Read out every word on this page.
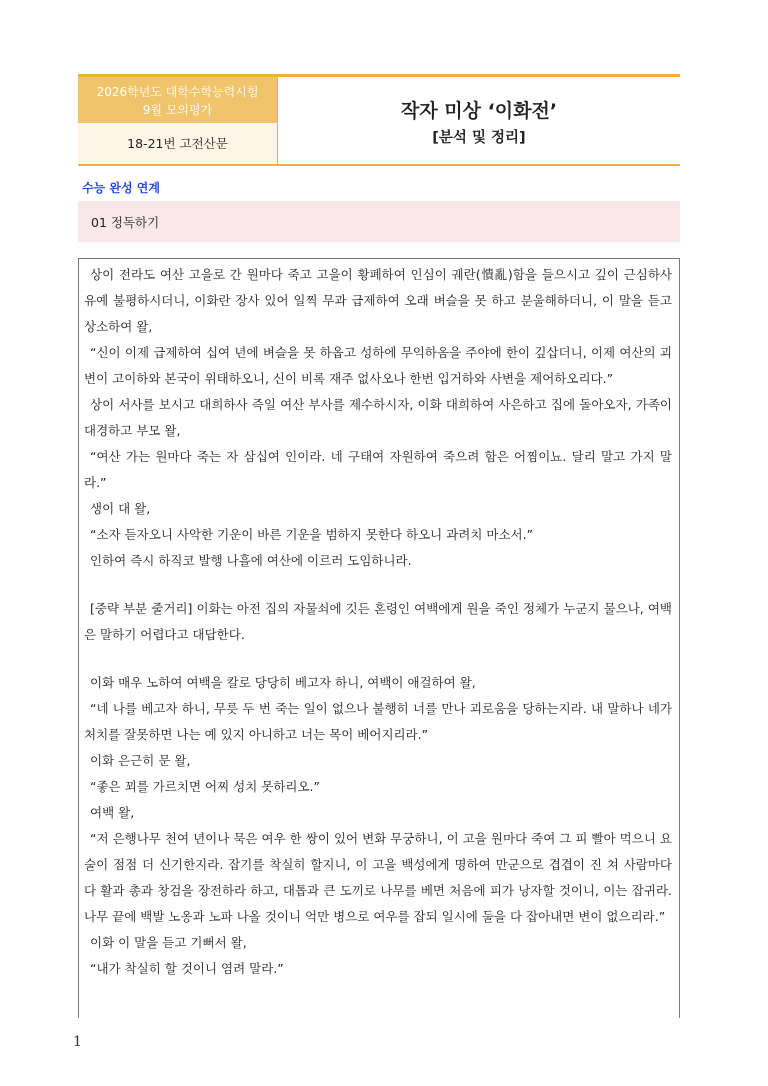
2026학년도 대학수학능력시험
9월 모의평가
18-21번 고전산문
작자 미상 ‘이화전’
[분석 및 정리]
수능 완성 연계
01 정독하기

상이 전라도 여산 고을로 간 원마다 죽고 고을이 황폐하여 인심이 궤란(憒亂)함을 들으시고 깊이 근심하사 유예 불평하시더니, 이화란 장사 있어 일찍 무과 급제하여 오래 벼슬을 못 하고 분울해하더니, 이 말을 듣고 상소하여 왈,

“신이 이제 급제하여 십여 년에 벼슬을 못 하옵고 성하에 무익하옴을 주야에 한이 깊삽더니, 이제 여산의 괴변이 고이하와 본국이 위태하오니, 신이 비록 재주 없사오나 한번 입거하와 사변을 제어하오리다.”

상이 서사를 보시고 대희하사 즉일 여산 부사를 제수하시자, 이화 대희하여 사은하고 집에 돌아오자, 가족이 대경하고 부모 왈,

“여산 가는 원마다 죽는 자 삼십여 인이라. 네 구태여 자원하여 죽으려 함은 어찜이뇨. 달리 말고 가지 말라.”

생이 대 왈,

“소자 듣자오니 사악한 기운이 바른 기운을 범하지 못한다 하오니 과려치 마소서.”

인하여 즉시 하직코 발행 나흘에 여산에 이르러 도임하니라.

[중략 부분 줄거리] 이화는 아전 집의 자물쇠에 깃든 혼령인 여백에게 원을 죽인 정체가 누군지 물으나, 여백은 말하기 어렵다고 대답한다.

이화 매우 노하여 여백을 칼로 당당히 베고자 하니, 여백이 애걸하여 왈,

“네 나를 베고자 하니, 무릇 두 번 죽는 일이 없으나 불행히 너를 만나 괴로움을 당하는지라. 내 말하나 네가 처치를 잘못하면 나는 예 있지 아니하고 너는 목이 베어지리라.”

이화 은근히 문 왈,

“좋은 꾀를 가르치면 어찌 성치 못하리오.”

여백 왈,

“저 은행나무 천여 년이나 묵은 여우 한 쌍이 있어 변화 무궁하니, 이 고을 원마다 죽여 그 피 빨아 먹으니 요술이 점점 더 신기한지라. 잡기를 착실히 할지니, 이 고을 백성에게 명하여 만군으로 겹겹이 진 쳐 사람마다 다 활과 총과 창검을 장전하라 하고, 대톱과 큰 도끼로 나무를 베면 처음에 피가 낭자할 것이니, 이는 잡귀라. 나무 끝에 백발 노옹과 노파 나올 것이니 억만 병으로 여우를 잡되 일시에 둘을 다 잡아내면 변이 없으리라.”

이화 이 말을 듣고 기뻐서 왈,

“내가 착실히 할 것이니 염려 말라.”

1
